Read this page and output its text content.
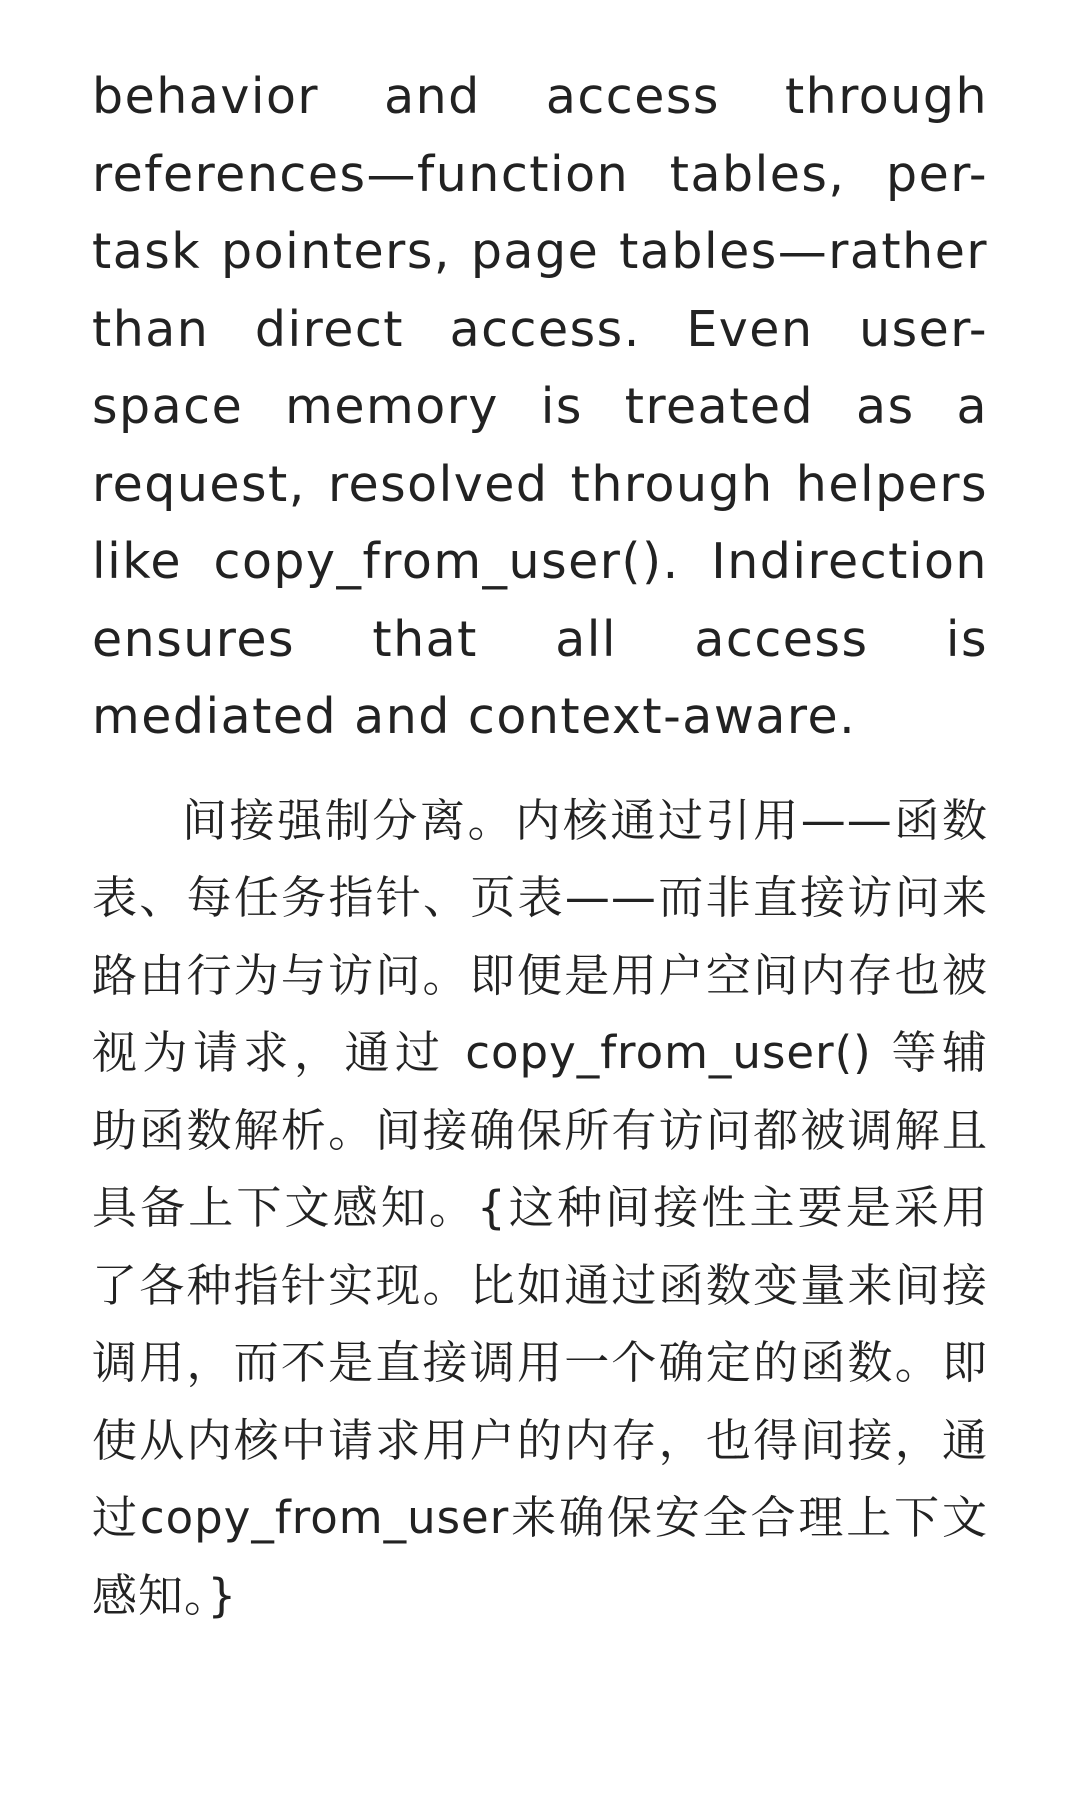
behavior and access through references—function tables, per-task pointers, page tables—rather than direct access. Even user-space memory is treated as a request, resolved through helpers like copy_from_user(). Indirection ensures that all access is mediated and context-aware.

间接强制分离。内核通过引用——函数表、每任务指针、页表——而非直接访问来路由行为与访问。即便是用户空间内存也被视为请求，通过 copy_from_user() 等辅助函数解析。间接确保所有访问都被调解且具备上下文感知。{这种间接性主要是采用了各种指针实现。比如通过函数变量来间接调用，而不是直接调用一个确定的函数。即使从内核中请求用户的内存，也得间接，通过copy_from_user来确保安全合理上下文感知。}
